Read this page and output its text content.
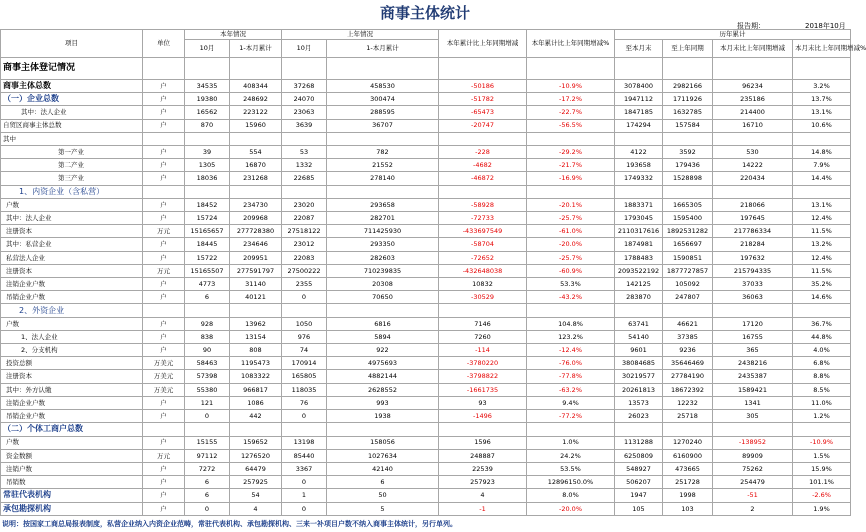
商事主体统计
报告期：	2018年10月
项目	单位	本年情况		上年情况		本年累计比上年同期增减	本年累计比上年同期增减%	历年累计			
		10月	1-本月累计	10月	1-本月累计			至本月末	至上年同期	本月末比上年同期增减	本月末比上年同期增减%
商事主体登记情况											
商事主体总数	户	34535	408344	37268	458530	-50186	-10.9%	3078400	2982166	96234	3.2%
（一）企业总数	户	19380	248692	24070	300474	-51782	-17.2%	1947112	1711926	235186	13.7%
其中：法人企业	户	16562	223122	23063	288595	-65473	-22.7%	1847185	1632785	214400	13.1%
自贸区商事主体总数	户	870	15960	3639	36707	-20747	-56.5%	174294	157584	16710	10.6%
其中											
第一产业	户	39	554	53	782	-228	-29.2%	4122	3592	530	14.8%
第二产业	户	1305	16870	1332	21552	-4682	-21.7%	193658	179436	14222	7.9%
第三产业	户	18036	231268	22685	278140	-46872	-16.9%	1749332	1528898	220434	14.4%
1、内资企业（含私营）											
户数	户	18452	234730	23020	293658	-58928	-20.1%	1883371	1665305	218066	13.1%
其中：法人企业	户	15724	209968	22087	282701	-72733	-25.7%	1793045	1595400	197645	12.4%
注册资本	万元	15165657	277728380	27518122	711425930	-433697549	-61.0%	2110317616	1892531282	217786334	11.5%
其中：私营企业	户	18445	234646	23012	293350	-58704	-20.0%	1874981	1656697	218284	13.2%
私营法人企业	户	15722	209951	22083	282603	-72652	-25.7%	1788483	1590851	197632	12.4%
注册资本	万元	15165507	277591797	27500222	710239835	-432648038	-60.9%	2093522192	1877727857	215794335	11.5%
注销企业户数	户	4773	31140	2355	20308	10832	53.3%	142125	105092	37033	35.2%
吊销企业户数	户	6	40121	0	70650	-30529	-43.2%	283870	247807	36063	14.6%
2、外资企业											
户数	户	928	13962	1050	6816	7146	104.8%	63741	46621	17120	36.7%
1、法人企业	户	838	13154	976	5894	7260	123.2%	54140	37385	16755	44.8%
2、分支机构	户	90	808	74	922	-114	-12.4%	9601	9236	365	4.0%
投资总额	万美元	58463	1195473	170914	4975693	-3780220	-76.0%	38084685	35646469	2438216	6.8%
注册资本	万美元	57398	1083322	165805	4882144	-3798822	-77.8%	30219577	27784190	2435387	8.8%
其中：外方认缴	万美元	55380	966817	118035	2628552	-1661735	-63.2%	20261813	18672392	1589421	8.5%
注销企业户数	户	121	1086	76	993	93	9.4%	13573	12232	1341	11.0%
吊销企业户数	户	0	442	0	1938	-1496	-77.2%	26023	25718	305	1.2%
（二）个体工商户总数											
户数	户	15155	159652	13198	158056	1596	1.0%	1131288	1270240	-138952	-10.9%
资金数额	万元	97112	1276520	85440	1027634	248887	24.2%	6250809	6160900	89909	1.5%
注销户数	户	7272	64479	3367	42140	22539	53.5%	548927	473665	75262	15.9%
吊销数	户	6	257925	0	6	257923	12896150.0%	506207	251728	254479	101.1%
常驻代表机构	户	6	54	1	50	4	8.0%	1947	1998	-51	-2.6%
承包勘探机构	户	0	4	0	5	-1	-20.0%	105	103	2	1.9%
说明：按国家工商总局报表制度，私营企业纳入内资企业范畴，常驻代表机构、承包勘探机构、三来一补项目户数不纳入商事主体统计，另行单列。
